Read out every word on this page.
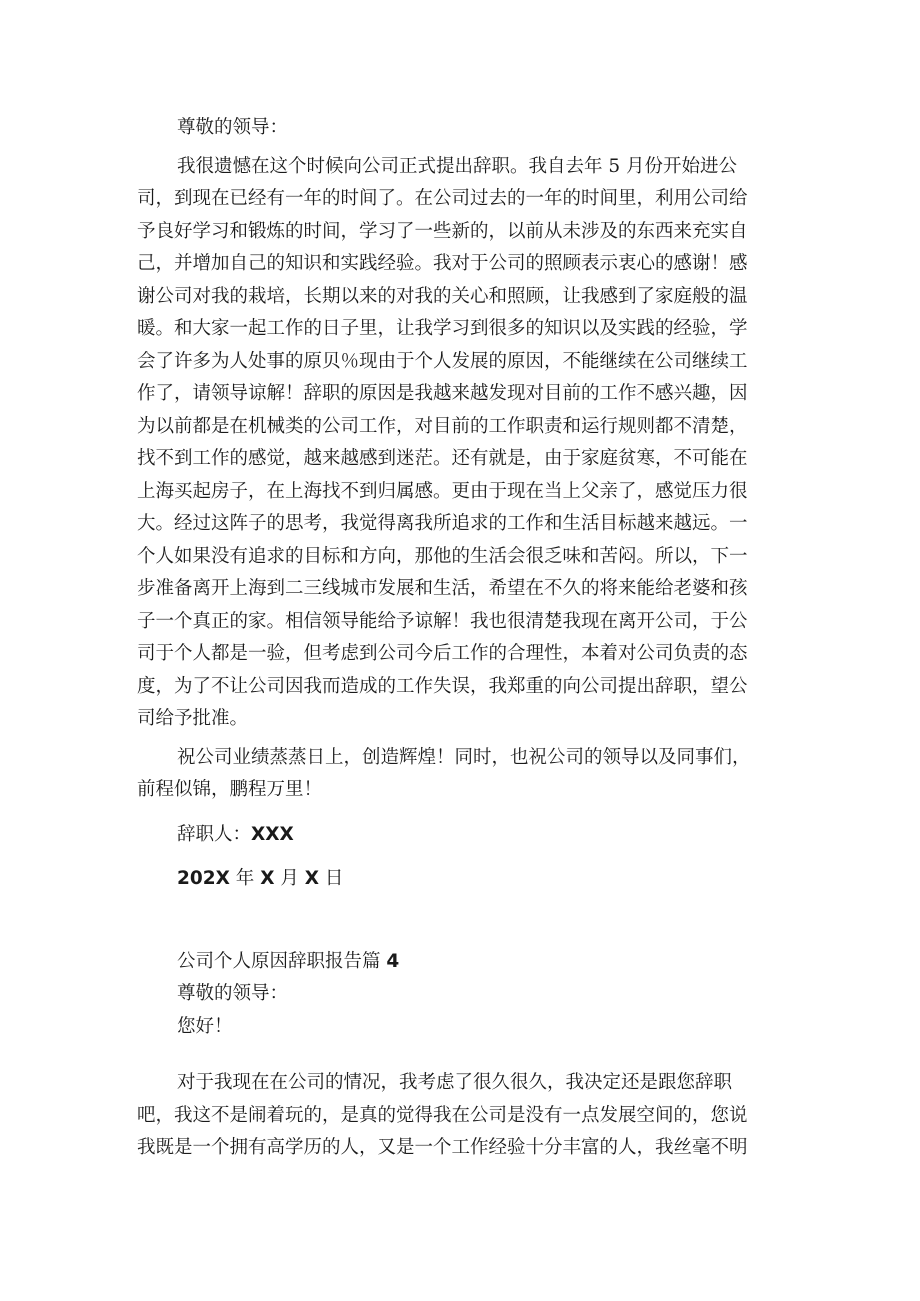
尊敬的领导：

我很遗憾在这个时候向公司正式提出辞职。我自去年 5 月份开始进公

司，到现在已经有一年的时间了。在公司过去的一年的时间里，利用公司给

予良好学习和锻炼的时间，学习了一些新的，以前从未涉及的东西来充实自

己，并增加自己的知识和实践经验。我对于公司的照顾表示衷心的感谢！感

谢公司对我的栽培，长期以来的对我的关心和照顾，让我感到了家庭般的温

暖。和大家一起工作的日子里，让我学习到很多的知识以及实践的经验，学

会了许多为人处事的原贝％现由于个人发展的原因，不能继续在公司继续工

作了，请领导谅解！辞职的原因是我越来越发现对目前的工作不感兴趣，因

为以前都是在机械类的公司工作，对目前的工作职责和运行规则都不清楚，

找不到工作的感觉，越来越感到迷茫。还有就是，由于家庭贫寒，不可能在

上海买起房子，在上海找不到归属感。更由于现在当上父亲了，感觉压力很

大。经过这阵子的思考，我觉得离我所追求的工作和生活目标越来越远。一

个人如果没有追求的目标和方向，那他的生活会很乏味和苦闷。所以，下一

步准备离开上海到二三线城市发展和生活，希望在不久的将来能给老婆和孩

子一个真正的家。相信领导能给予谅解！我也很清楚我现在离开公司，于公

司于个人都是一验，但考虑到公司今后工作的合理性，本着对公司负责的态

度，为了不让公司因我而造成的工作失误，我郑重的向公司提出辞职，望公

司给予批准。

祝公司业绩蒸蒸日上，创造辉煌！同时，也祝公司的领导以及同事们，

前程似锦，鹏程万里！

辞职人：XXX

202X 年 X 月 X 日

公司个人原因辞职报告篇 4

尊敬的领导：

您好！

对于我现在在公司的情况，我考虑了很久很久，我决定还是跟您辞职

吧，我这不是闹着玩的，是真的觉得我在公司是没有一点发展空间的，您说

我既是一个拥有高学历的人，又是一个工作经验十分丰富的人，我丝毫不明
